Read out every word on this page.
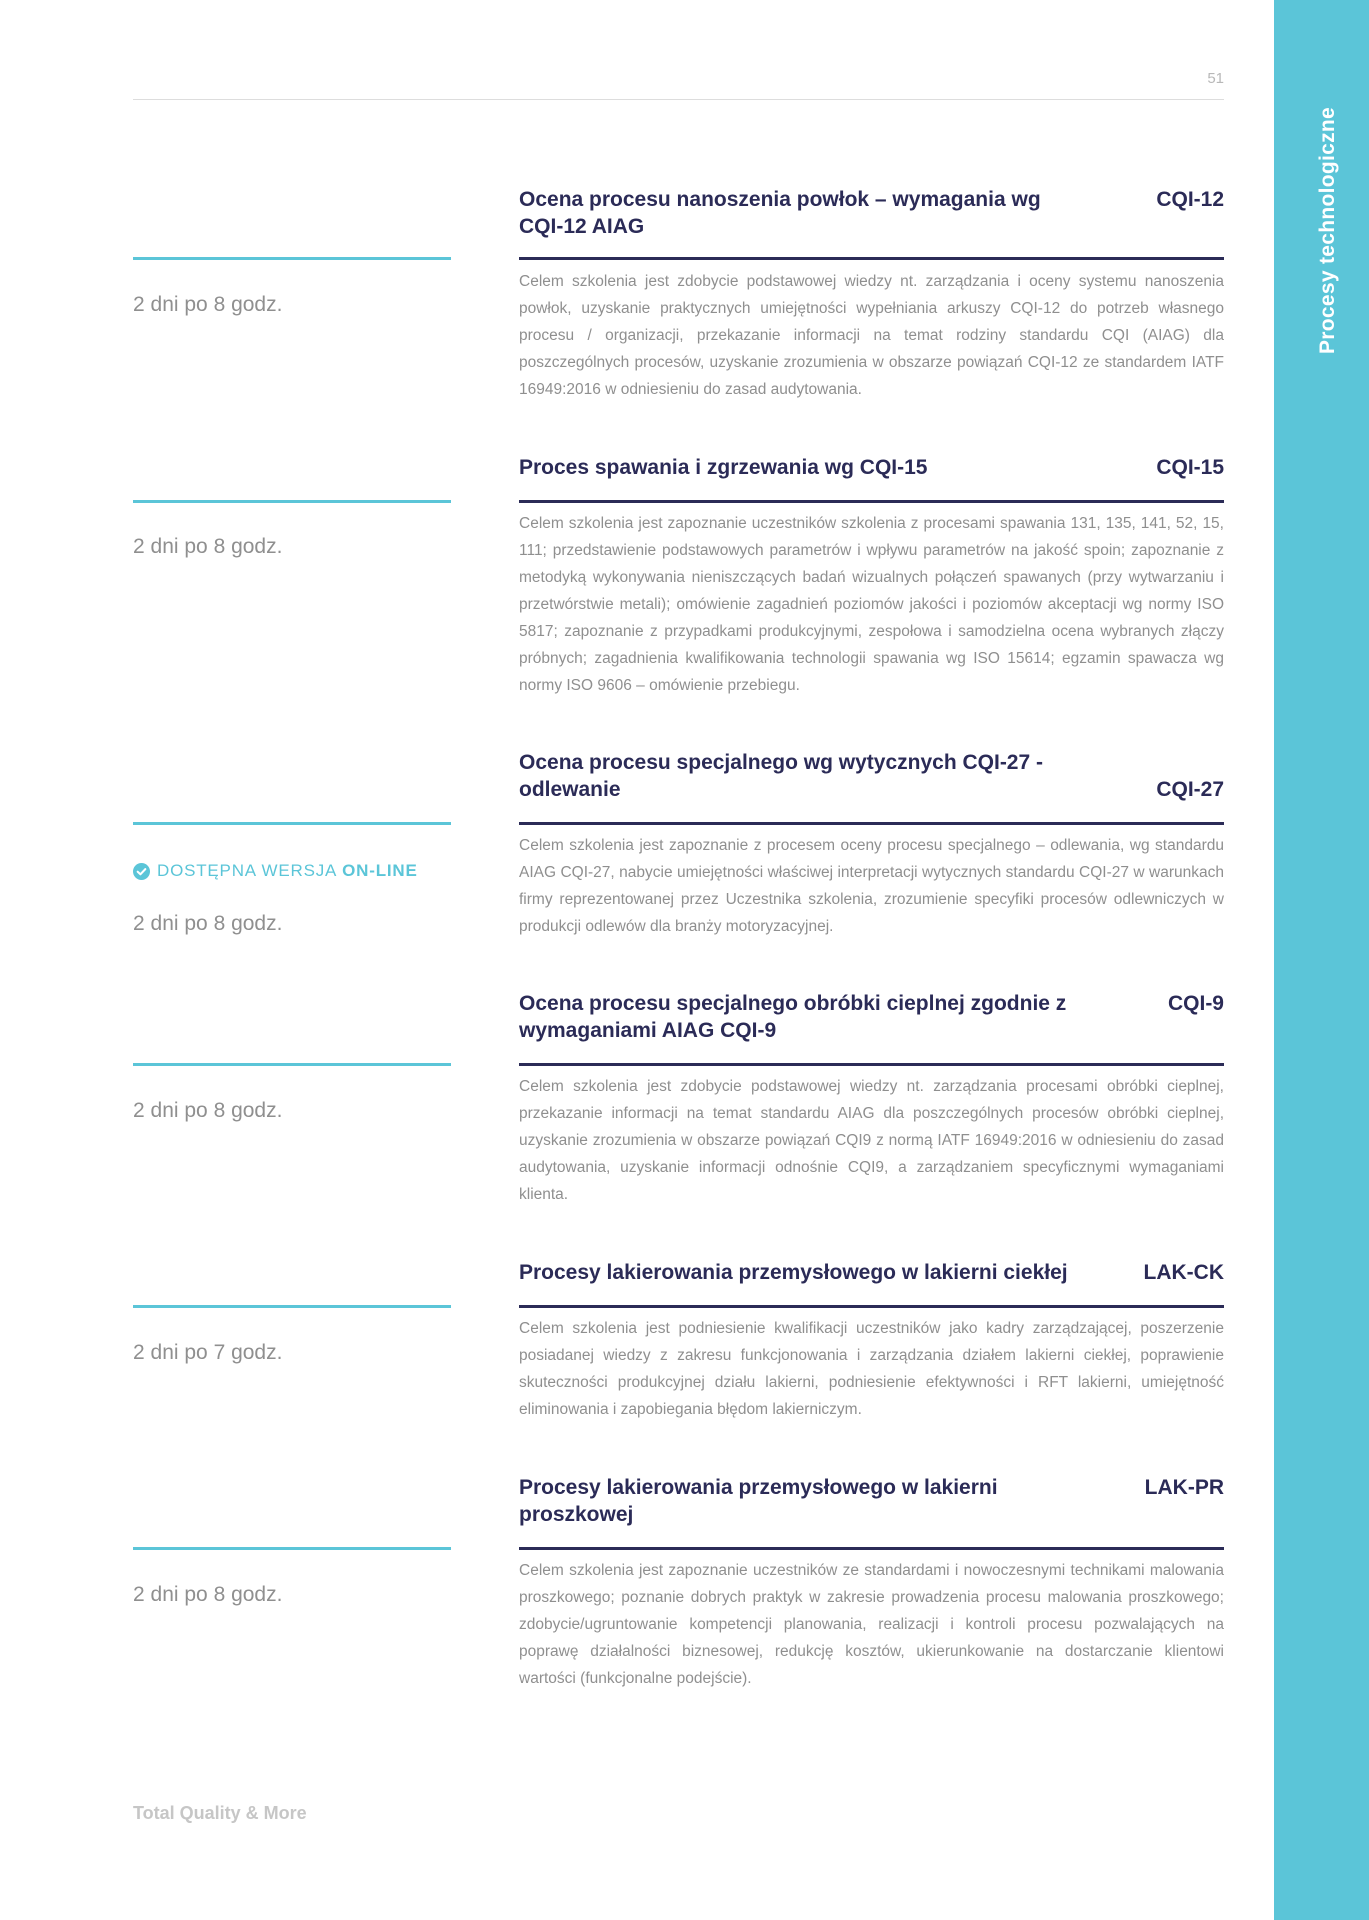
Procesy technologiczne
51
Ocena procesu nanoszenia powłok – wymagania wg CQI-12 AIAG
CQI-12
2 dni po 8 godz.
Celem szkolenia jest zdobycie podstawowej wiedzy nt. zarządzania i oceny systemu nanoszenia powłok, uzyskanie praktycznych umiejętności wypełniania arkuszy CQI-12 do potrzeb własnego procesu / organizacji, przekazanie informacji na temat rodziny standardu CQI (AIAG) dla poszczególnych procesów, uzyskanie zrozumienia w obszarze powiązań CQI-12 ze standardem IATF 16949:2016 w odniesieniu do zasad audytowania.
Proces spawania i zgrzewania wg CQI-15	CQI-15
2 dni po 8 godz.
Celem szkolenia jest zapoznanie uczestników szkolenia z procesami spawania 131, 135, 141, 52, 15, 111; przedstawienie podstawowych parametrów i wpływu parametrów na jakość spoin; zapoznanie z metodyką wykonywania nieniszczących badań wizualnych połączeń spawanych (przy wytwarzaniu i przetwórstwie metali); omówienie zagadnień poziomów jakości i poziomów akceptacji wg normy ISO 5817; zapoznanie z przypadkami produkcyjnymi, zespołowa i samodzielna ocena wybranych złączy próbnych; zagadnienia kwalifikowania technologii spawania wg ISO 15614; egzamin spawacza wg normy ISO 9606 – omówienie przebiegu.
Ocena procesu specjalnego wg wytycznych CQI-27 - odlewanie	CQI-27
DOSTĘPNA WERSJA ON-LINE
2 dni po 8 godz.
Celem szkolenia jest zapoznanie z procesem oceny procesu specjalnego – odlewania, wg standardu AIAG CQI-27, nabycie umiejętności właściwej interpretacji wytycznych standardu CQI-27 w warunkach firmy reprezentowanej przez Uczestnika szkolenia, zrozumienie specyfiki procesów odlewniczych w produkcji odlewów dla branży motoryzacyjnej.
Ocena procesu specjalnego obróbki cieplnej zgodnie z wymaganiami AIAG CQI-9
CQI-9
2 dni po 8 godz.
Celem szkolenia jest zdobycie podstawowej wiedzy nt. zarządzania procesami obróbki cieplnej, przekazanie informacji na temat standardu AIAG dla poszczególnych procesów obróbki cieplnej, uzyskanie zrozumienia w obszarze powiązań CQI9 z normą IATF 16949:2016 w odniesieniu do zasad audytowania, uzyskanie informacji odnośnie CQI9, a zarządzaniem specyficznymi wymaganiami klienta.
Procesy lakierowania przemysłowego w lakierni ciekłej	LAK-CK
2 dni po 7 godz.
Celem szkolenia jest podniesienie kwalifikacji uczestników jako kadry zarządzającej, poszerzenie posiadanej wiedzy z zakresu funkcjonowania i zarządzania działem lakierni ciekłej, poprawienie skuteczności produkcyjnej działu lakierni, podniesienie efektywności i RFT lakierni, umiejętność eliminowania i zapobiegania błędom lakierniczym.
Procesy lakierowania przemysłowego w lakierni proszkowej
LAK-PR
2 dni po 8 godz.
Celem szkolenia jest zapoznanie uczestników ze standardami i nowoczesnymi technikami malowania proszkowego; poznanie dobrych praktyk w zakresie prowadzenia procesu malowania proszkowego; zdobycie/ugruntowanie kompetencji planowania, realizacji i kontroli procesu pozwalających na poprawę działalności biznesowej, redukcję kosztów, ukierunkowanie na dostarczanie klientowi wartości (funkcjonalne podejście).
Total Quality & More
